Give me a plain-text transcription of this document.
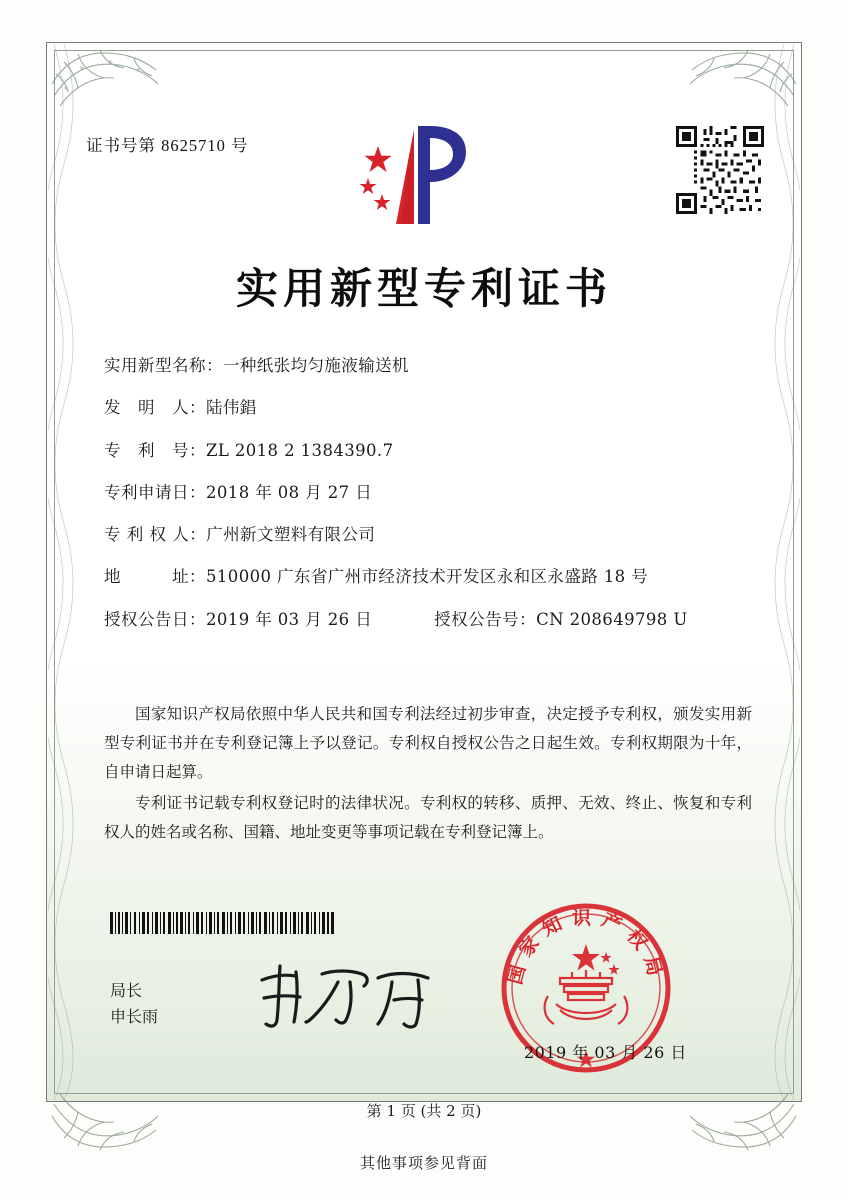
证书号第 8625710 号
实用新型专利证书
实用新型名称： 一种纸张均匀施液输送机
发　明　人： 陆伟錩
专　利　号： ZL 2018 2 1384390.7
专利申请日： 2018 年 08 月 27 日
专 利 权 人： 广州新文塑料有限公司
地　　　址： 510000 广东省广州市经济技术开发区永和区永盛路 18 号
授权公告日： 2019 年 03 月 26 日	授权公告号： CN 208649798 U

国家知识产权局依照中华人民共和国专利法经过初步审查，决定授予专利权，颁发实用新型专利证书并在专利登记簿上予以登记。专利权自授权公告之日起生效。专利权期限为十年，自申请日起算。

专利证书记载专利权登记时的法律状况。专利权的转移、质押、无效、终止、恢复和专利权人的姓名或名称、国籍、地址变更等事项记载在专利登记簿上。

局长
申长雨
国家知识产权局
2019 年 03 月 26 日
第 1 页 (共 2 页)
其他事项参见背面
